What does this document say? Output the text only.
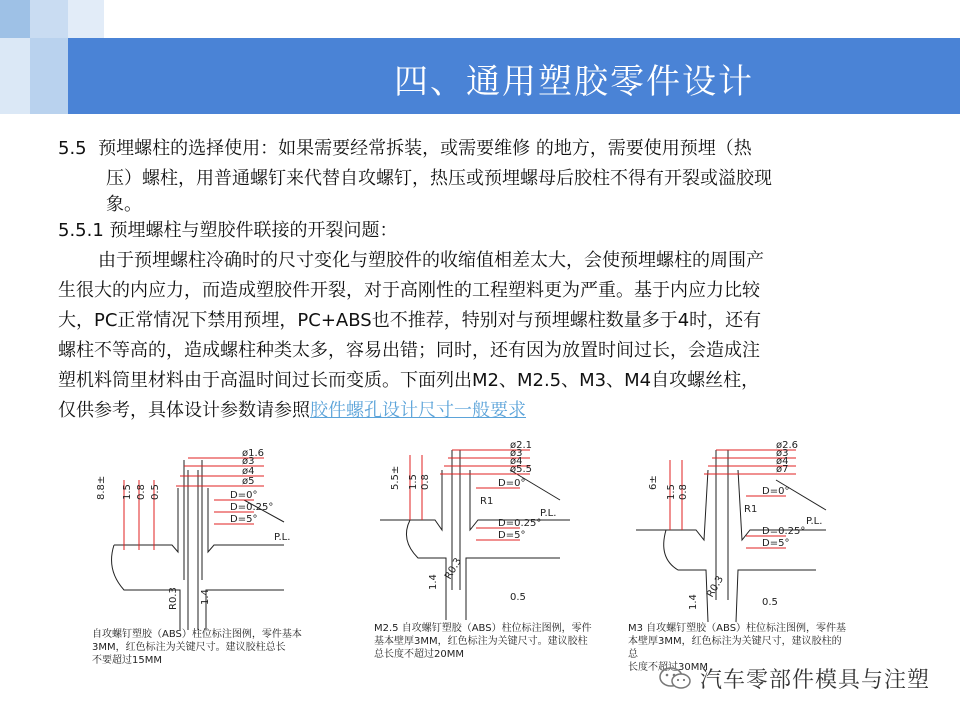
四、通用塑胶零件设计

5.5 预埋螺柱的选择使用：如果需要经常拆装，或需要维修 的地方，需要使用预埋（热

压）螺柱，用普通螺钉来代替自攻螺钉，热压或预埋螺母后胶柱不得有开裂或溢胶现

象。

5.5.1 预埋螺柱与塑胶件联接的开裂问题：

由于预埋螺柱冷确时的尺寸变化与塑胶件的收缩值相差太大，会使预埋螺柱的周围产

生很大的内应力，而造成塑胶件开裂，对于高刚性的工程塑料更为严重。基于内应力比较

大，PC正常情况下禁用预埋，PC+ABS也不推荐，特别对与预埋螺柱数量多于4时，还有

螺柱不等高的，造成螺柱种类太多，容易出错；同时，还有因为放置时间过长，会造成注

塑机料筒里材料由于高温时间过长而变质。下面列出M2、M2.5、M3、M4自攻螺丝柱，

仅供参考，具体设计参数请参照胶件螺孔设计尺寸一般要求

ø1.6
ø3
ø4
ø5
D=0°
D=0.25°
D=5°
P.L.
8.8± 1.5 0.8 0.5
R0.3 1.4
自攻螺钉塑胶（ABS）柱位标注图例，零件基本
3MM，红色标注为关键尺寸。建议胶柱总长
不要超过15MM
ø2.1
ø3
ø4
ø5.5
D=0°
D=0.25°
D=5°
P.L.
5.5± 1.5 0.8
R1
1.4
R0.3
0.5
M2.5 自攻螺钉塑胶（ABS）柱位标注图例，零件
基本壁厚3MM，红色标注为关键尺寸。建议胶柱
总长度不超过20MM
ø2.6
ø3
ø4
ø7
D=0°
D=0.25°
D=5°
P.L.
6±
1.5 0.8
R1
1.4
R0.3
0.5
M3 自攻螺钉塑胶（ABS）柱位标注图例，零件基
本壁厚3MM，红色标注为关键尺寸，建议胶柱的总
长度不超过30MM
汽车零部件模具与注塑
